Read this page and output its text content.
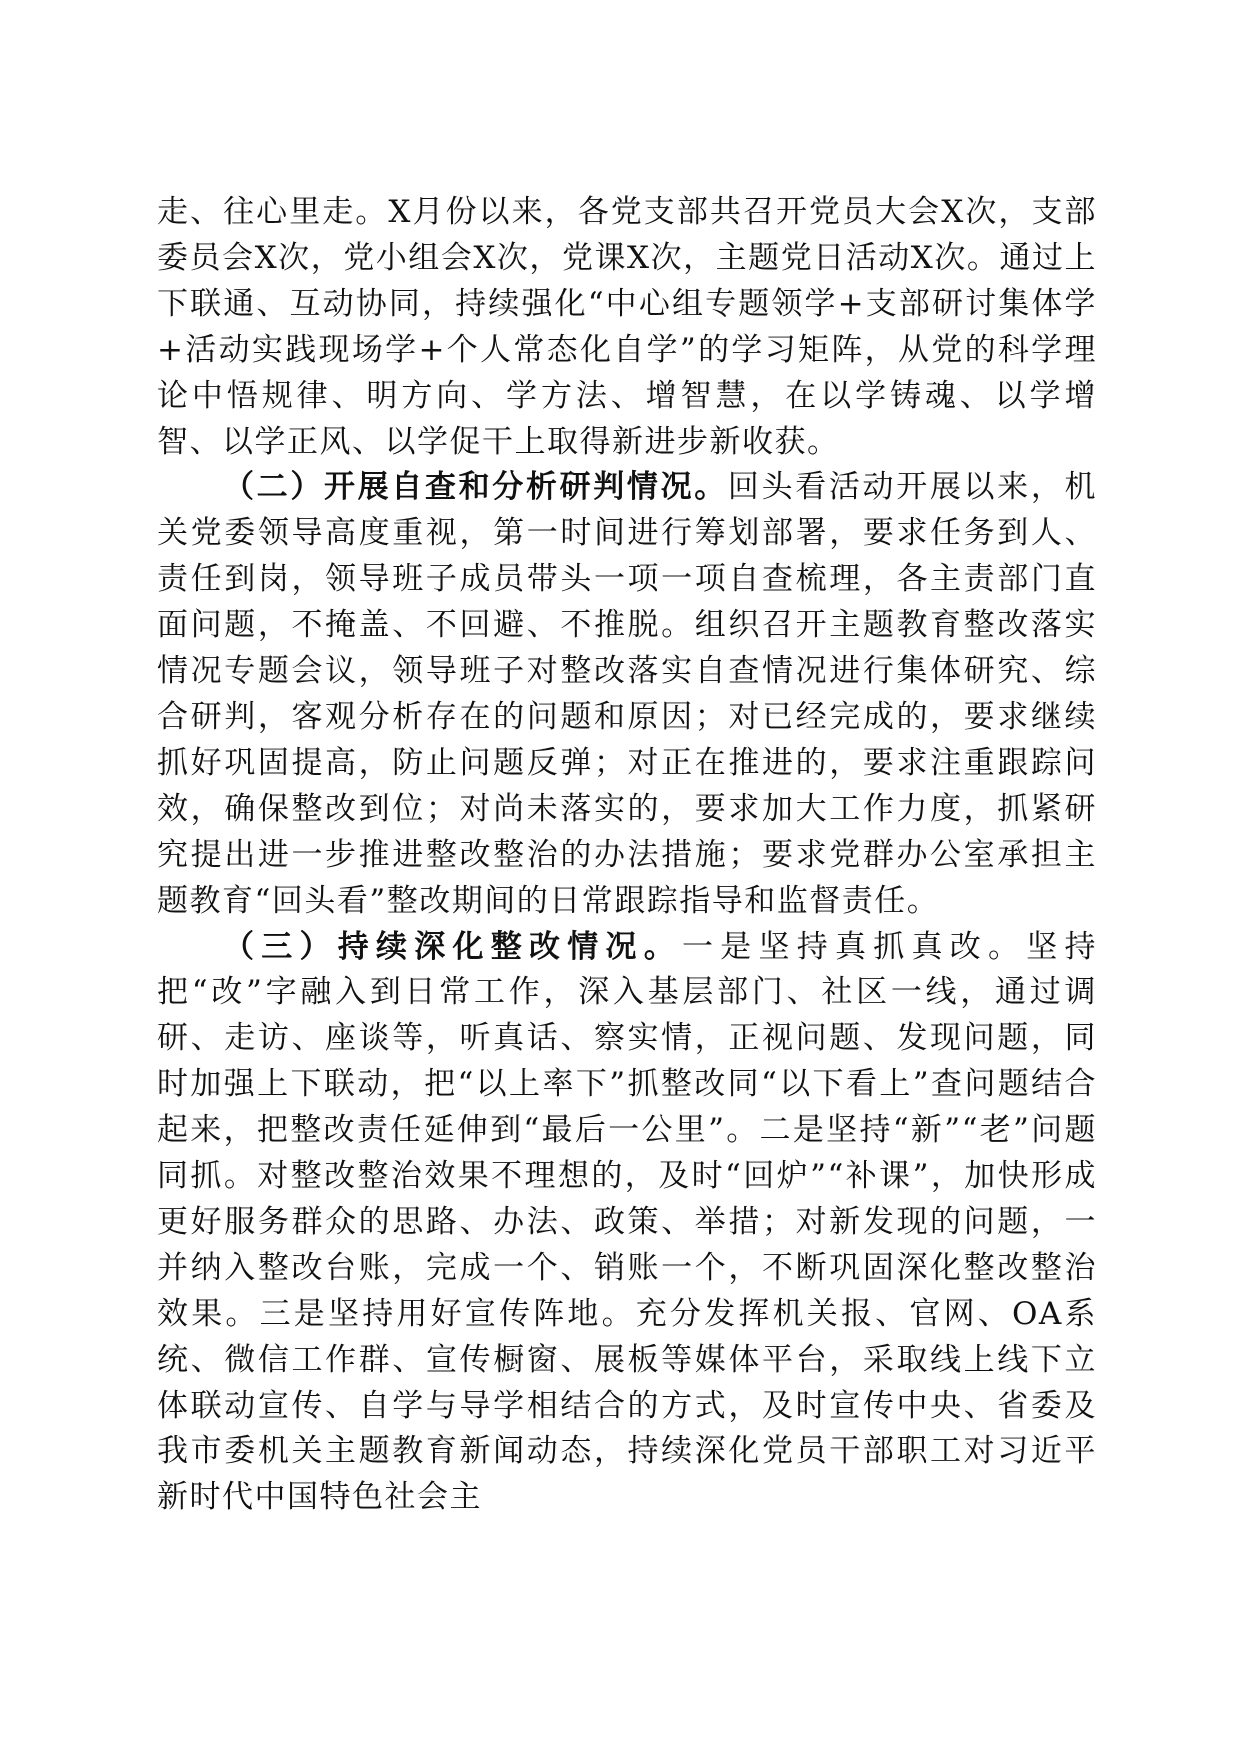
走、往心里走。X月份以来，各党支部共召开党员大会X次，支部委员会X次，党小组会X次，党课X次，主题党日活动X次。通过上下联通、互动协同，持续强化“中心组专题领学+支部研讨集体学+活动实践现场学+个人常态化自学”的学习矩阵，从党的科学理论中悟规律、明方向、学方法、增智慧，在以学铸魂、以学增智、以学正风、以学促干上取得新进步新收获。

（二）开展自查和分析研判情况。回头看活动开展以来，机关党委领导高度重视，第一时间进行筹划部署，要求任务到人、责任到岗，领导班子成员带头一项一项自查梳理，各主责部门直面问题，不掩盖、不回避、不推脱。组织召开主题教育整改落实情况专题会议，领导班子对整改落实自查情况进行集体研究、综合研判，客观分析存在的问题和原因；对已经完成的，要求继续抓好巩固提高，防止问题反弹；对正在推进的，要求注重跟踪问效，确保整改到位；对尚未落实的，要求加大工作力度，抓紧研究提出进一步推进整改整治的办法措施；要求党群办公室承担主题教育“回头看”整改期间的日常跟踪指导和监督责任。

（三）持续深化整改情况。一是坚持真抓真改。坚持把“改”字融入到日常工作，深入基层部门、社区一线，通过调研、走访、座谈等，听真话、察实情，正视问题、发现问题，同时加强上下联动，把“以上率下”抓整改同“以下看上”查问题结合起来，把整改责任延伸到“最后一公里”。二是坚持“新”“老”问题同抓。对整改整治效果不理想的，及时“回炉”“补课”，加快形成更好服务群众的思路、办法、政策、举措；对新发现的问题，一并纳入整改台账，完成一个、销账一个，不断巩固深化整改整治效果。三是坚持用好宣传阵地。充分发挥机关报、官网、OA系统、微信工作群、宣传橱窗、展板等媒体平台，采取线上线下立体联动宣传、自学与导学相结合的方式，及时宣传中央、省委及我市委机关主题教育新闻动态，持续深化党员干部职工对习近平新时代中国特色社会主
